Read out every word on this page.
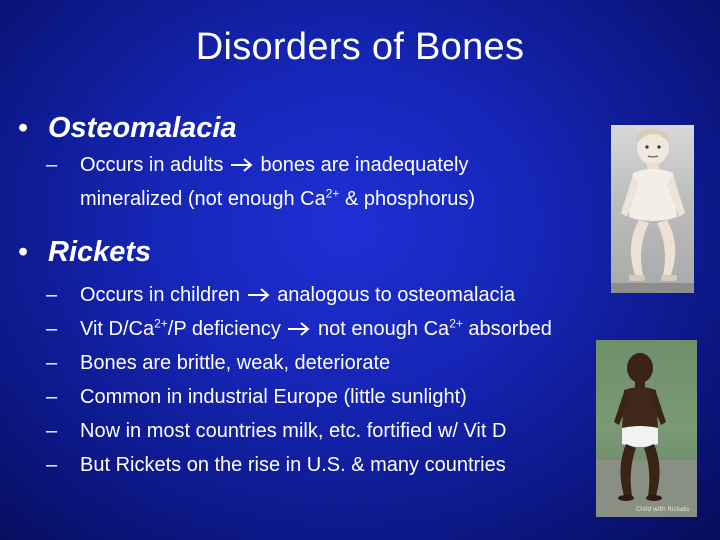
Disorders of Bones
• Osteomalacia
– Occurs in adults bones are inadequately
mineralized (not enough $Ca^{2+}$ & phosphorus)
• Rickets
– Occurs in children analogous to osteomalacia
– Vit $D/Ca^{2+}/P$ deficiency not enough $Ca^{2+}$ absorbed
– Bones are brittle, weak, deteriorate
– Common in industrial Europe (little sunlight)
– Now in most countries milk, etc. fortified w/ Vit D
– But Rickets on the rise in U.S. & many countries
Child with Rickets
